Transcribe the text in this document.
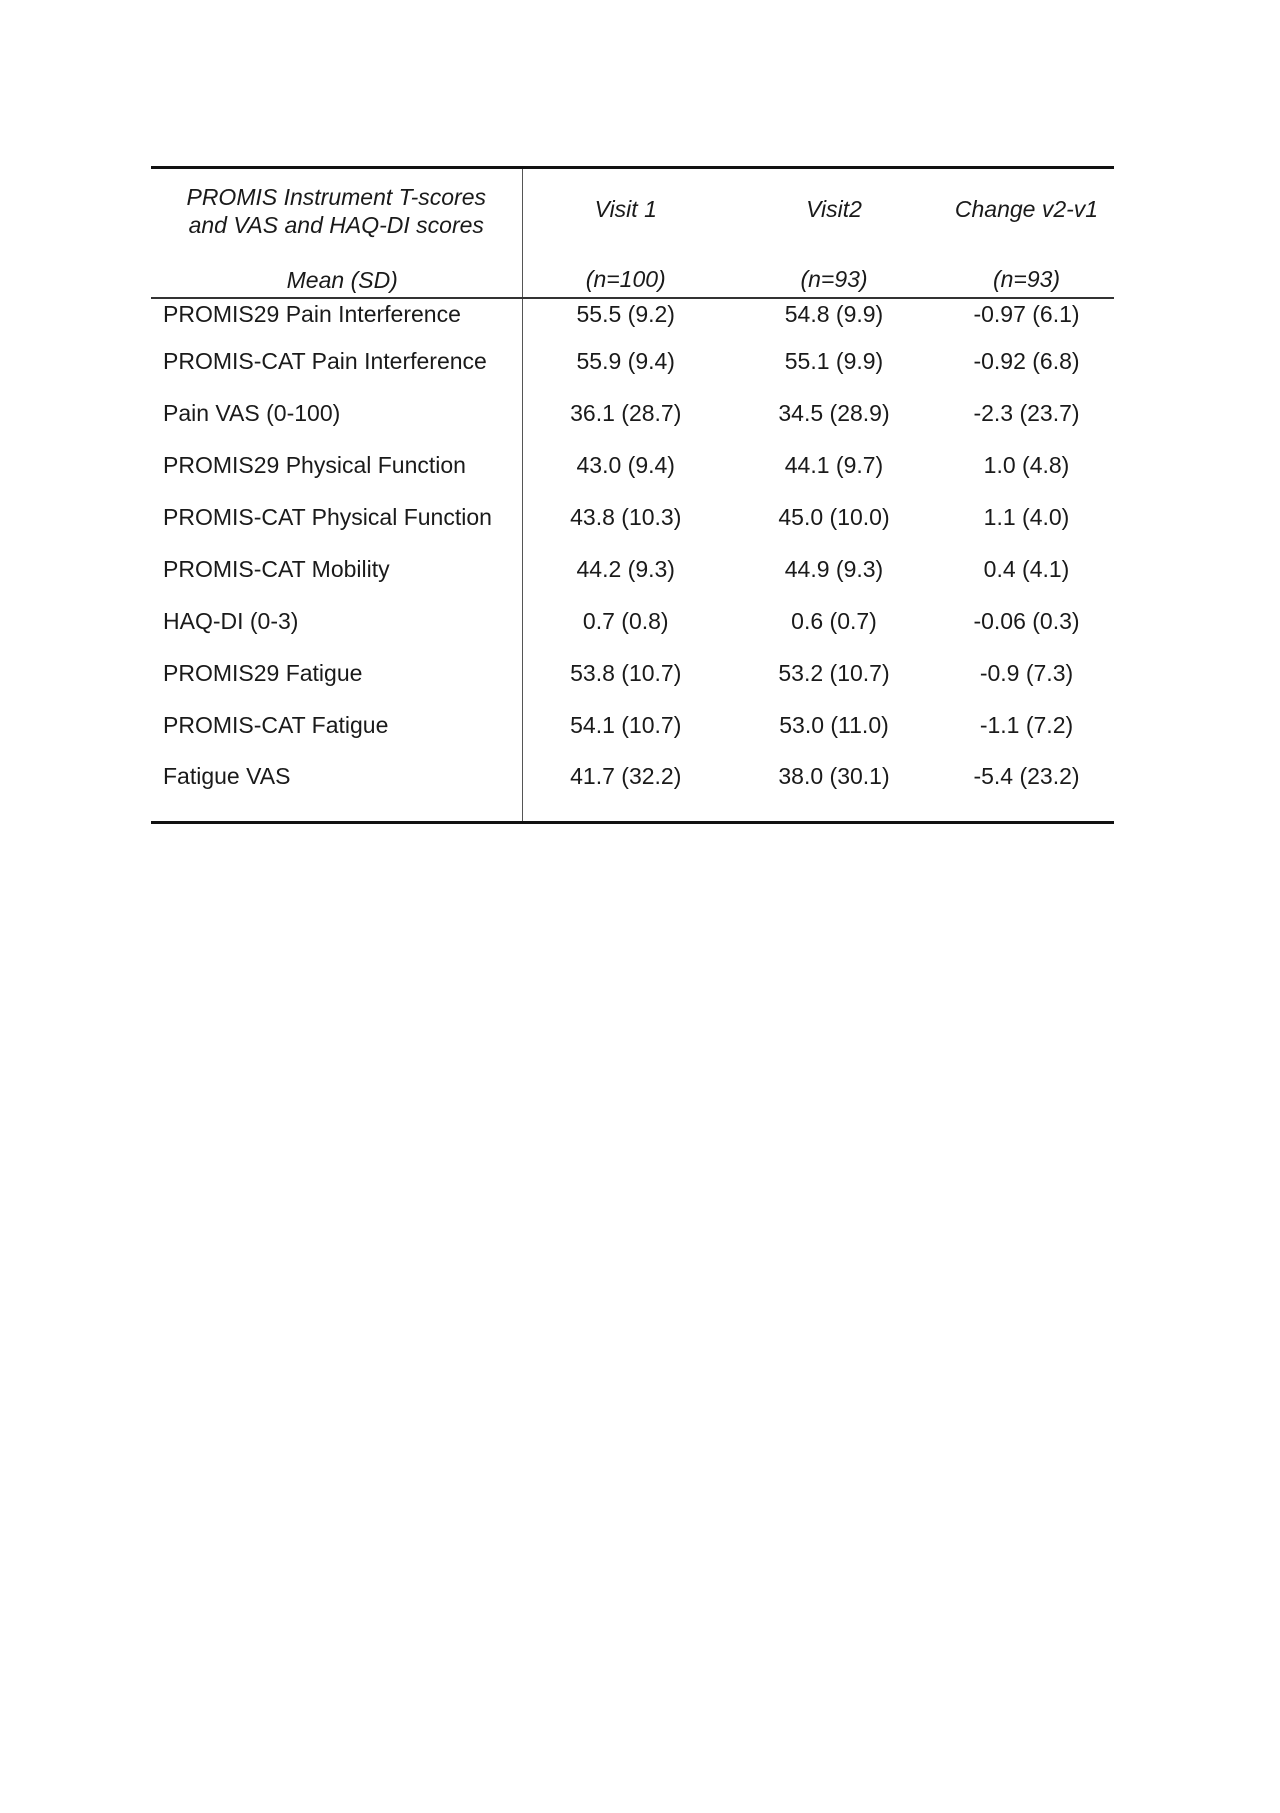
PROMIS Instrument T-scores
and VAS and HAQ-DI scores	Visit 1	Visit2	Change v2-v1
Mean (SD)	(n=100)	(n=93)	(n=93)
PROMIS29 Pain Interference	55.5 (9.2)	54.8 (9.9)	-0.97 (6.1)
PROMIS-CAT Pain Interference	55.9 (9.4)	55.1 (9.9)	-0.92 (6.8)
Pain VAS (0-100)	36.1 (28.7)	34.5 (28.9)	-2.3 (23.7)
PROMIS29 Physical Function	43.0 (9.4)	44.1 (9.7)	1.0 (4.8)
PROMIS-CAT Physical Function	43.8 (10.3)	45.0 (10.0)	1.1 (4.0)
PROMIS-CAT Mobility	44.2 (9.3)	44.9 (9.3)	0.4 (4.1)
HAQ-DI (0-3)	0.7 (0.8)	0.6 (0.7)	-0.06 (0.3)
PROMIS29 Fatigue	53.8 (10.7)	53.2 (10.7)	-0.9 (7.3)
PROMIS-CAT Fatigue	54.1 (10.7)	53.0 (11.0)	-1.1 (7.2)
Fatigue VAS	41.7 (32.2)	38.0 (30.1)	-5.4 (23.2)
